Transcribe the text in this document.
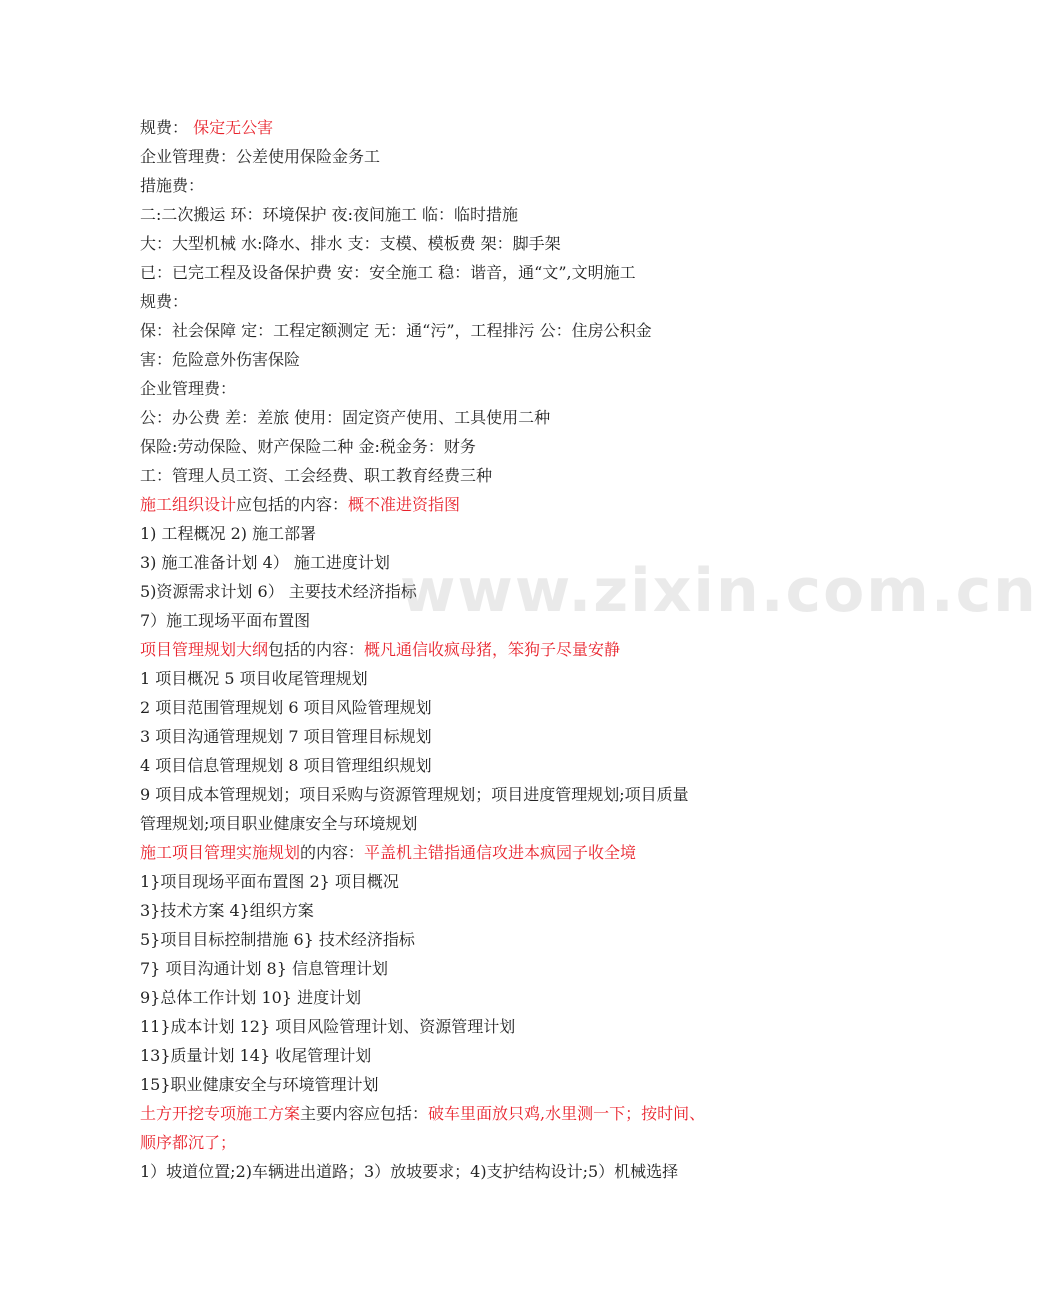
规费： 保定无公害
企业管理费：公差使用保险金务工
措施费：
二:二次搬运 环：环境保护 夜:夜间施工 临：临时措施
大：大型机械 水:降水、排水 支：支模、模板费 架：脚手架
已：已完工程及设备保护费 安：安全施工 稳：谐音，通“文”,文明施工
规费：
保：社会保障 定：工程定额测定 无：通“污”，工程排污 公：住房公积金
害：危险意外伤害保险
企业管理费：
公：办公费 差：差旅 使用：固定资产使用、工具使用二种
保险:劳动保险、财产保险二种 金:税金务：财务
工：管理人员工资、工会经费、职工教育经费三种
施工组织设计应包括的内容：概不准进资指图
1) 工程概况 2) 施工部署
3) 施工准备计划 4） 施工进度计划
5)资源需求计划 6） 主要技术经济指标
7）施工现场平面布置图
项目管理规划大纲包括的内容：概凡通信收疯母猪，笨狗子尽量安静
1 项目概况 5 项目收尾管理规划
2 项目范围管理规划 6 项目风险管理规划
3 项目沟通管理规划 7 项目管理目标规划
4 项目信息管理规划 8 项目管理组织规划
9 项目成本管理规划；项目采购与资源管理规划；项目进度管理规划;项目质量
管理规划;项目职业健康安全与环境规划
施工项目管理实施规划的内容：平盖机主错指通信攻进本疯园子收全境
1}项目现场平面布置图 2} 项目概况
3}技术方案 4}组织方案
5}项目目标控制措施 6} 技术经济指标
7} 项目沟通计划 8} 信息管理计划
9}总体工作计划 10} 进度计划
11}成本计划 12} 项目风险管理计划、资源管理计划
13}质量计划 14} 收尾管理计划
15}职业健康安全与环境管理计划
土方开挖专项施工方案主要内容应包括：破车里面放只鸡,水里测一下；按时间、
顺序都沉了；
1）坡道位置;2)车辆进出道路；3）放坡要求；4)支护结构设计;5）机械选择
www.zixin.com.cn
